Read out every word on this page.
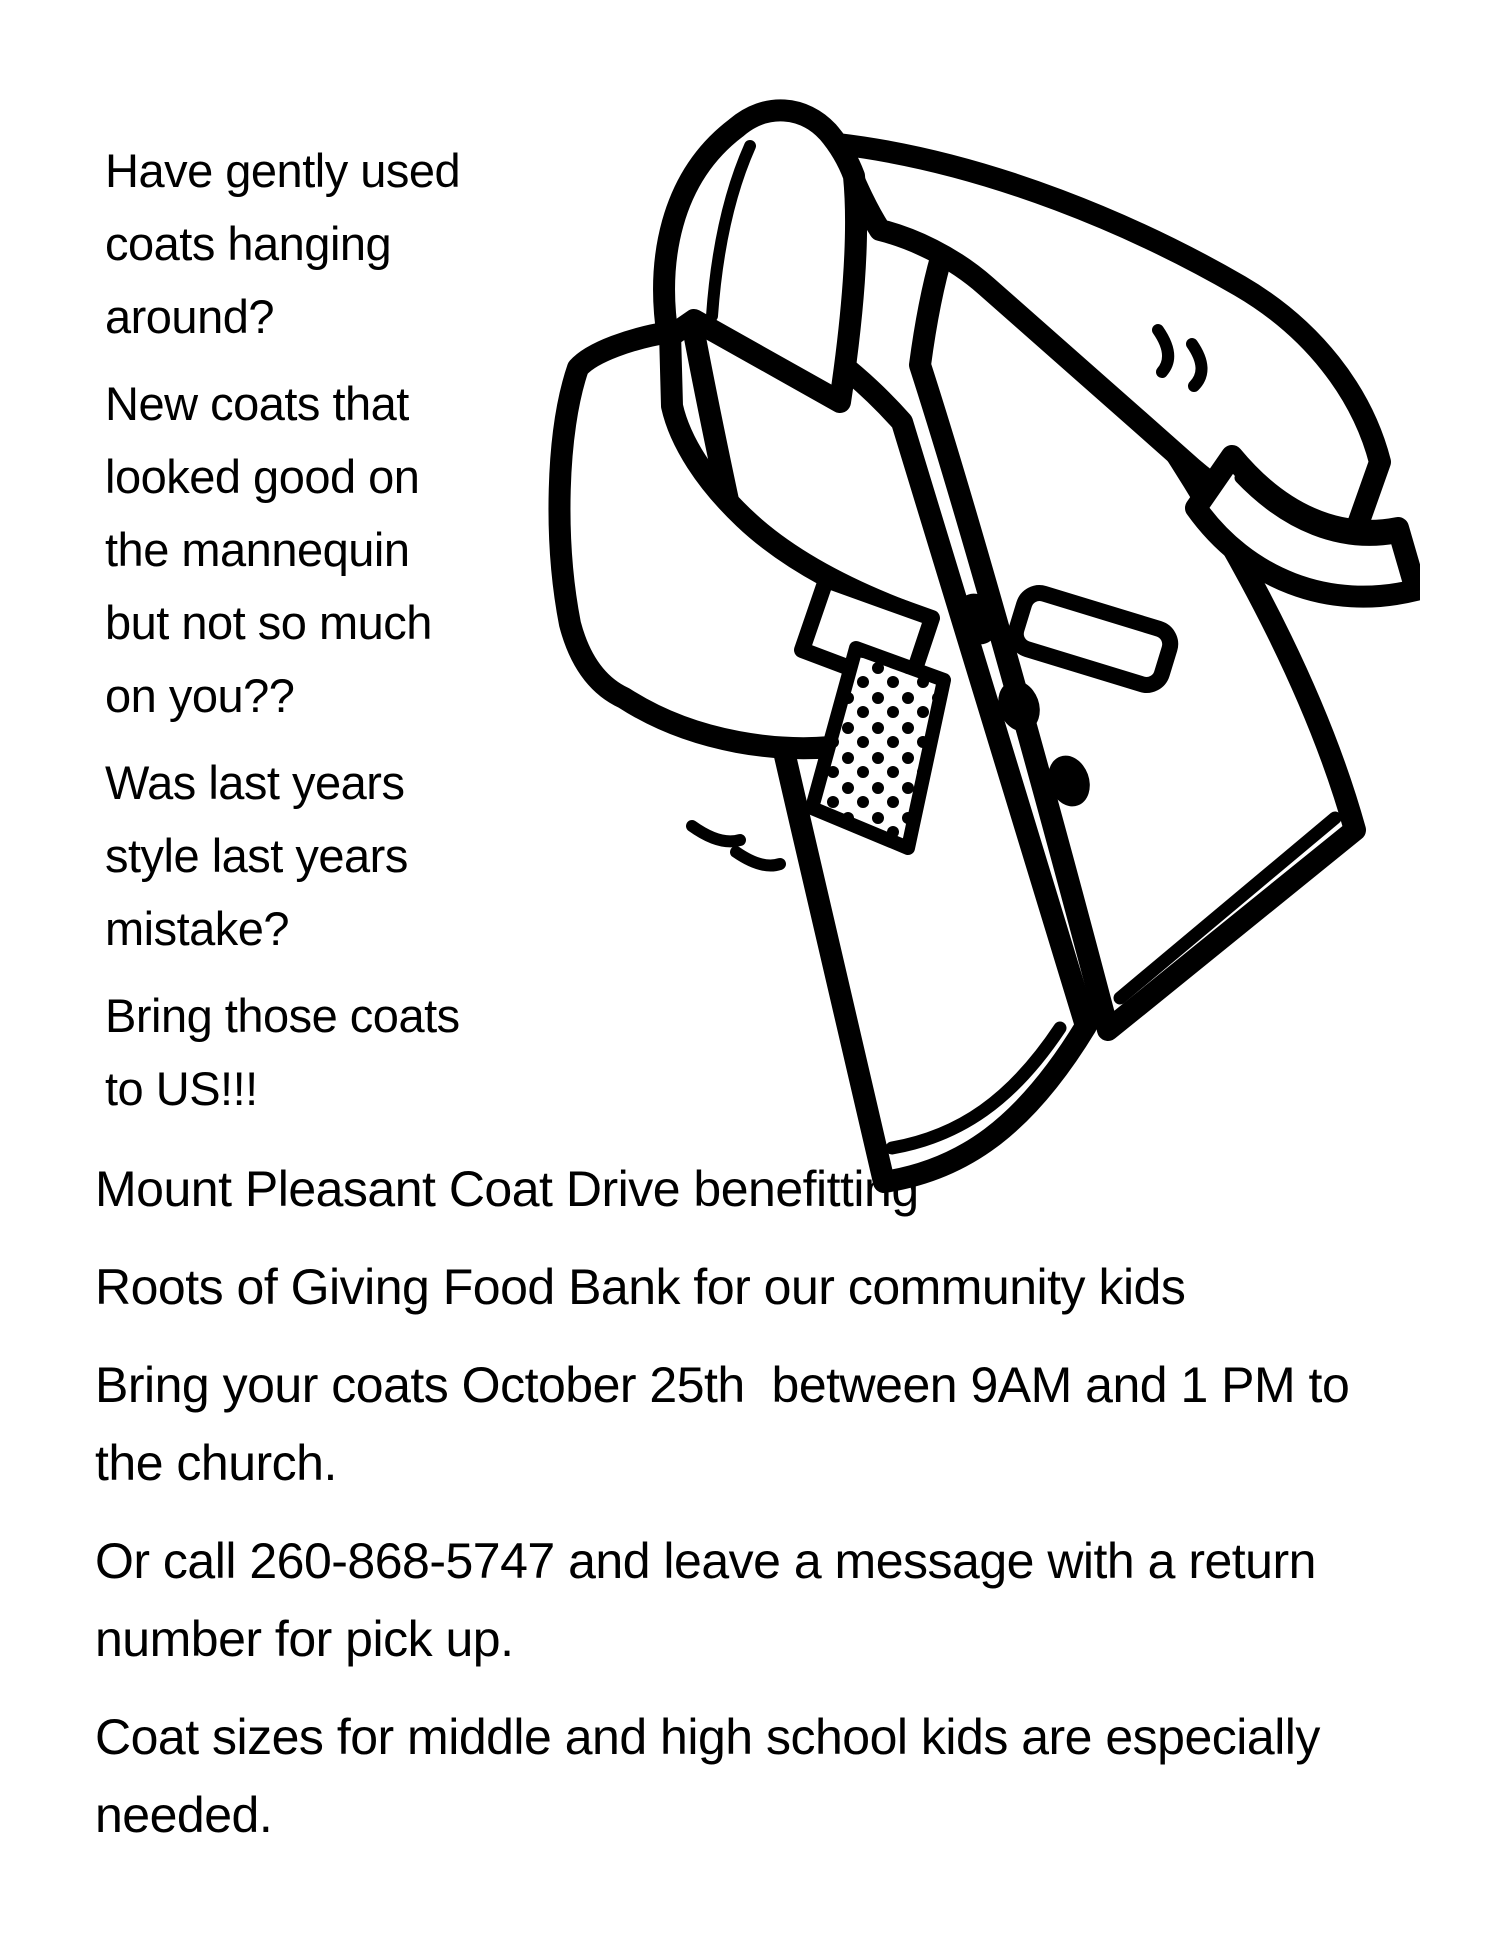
Have gently used
coats hanging
around?
New coats that
looked good on
the mannequin
but not so much
on you??
Was last years
style last years
mistake?
Bring those coats
to US!!!
Mount Pleasant Coat Drive benefitting
Roots of Giving Food Bank for our community kids
Bring your coats October 25th  between 9AM and 1 PM to
the church.
Or call 260-868-5747 and leave a message with a return
number for pick up.
Coat sizes for middle and high school kids are especially
needed.
